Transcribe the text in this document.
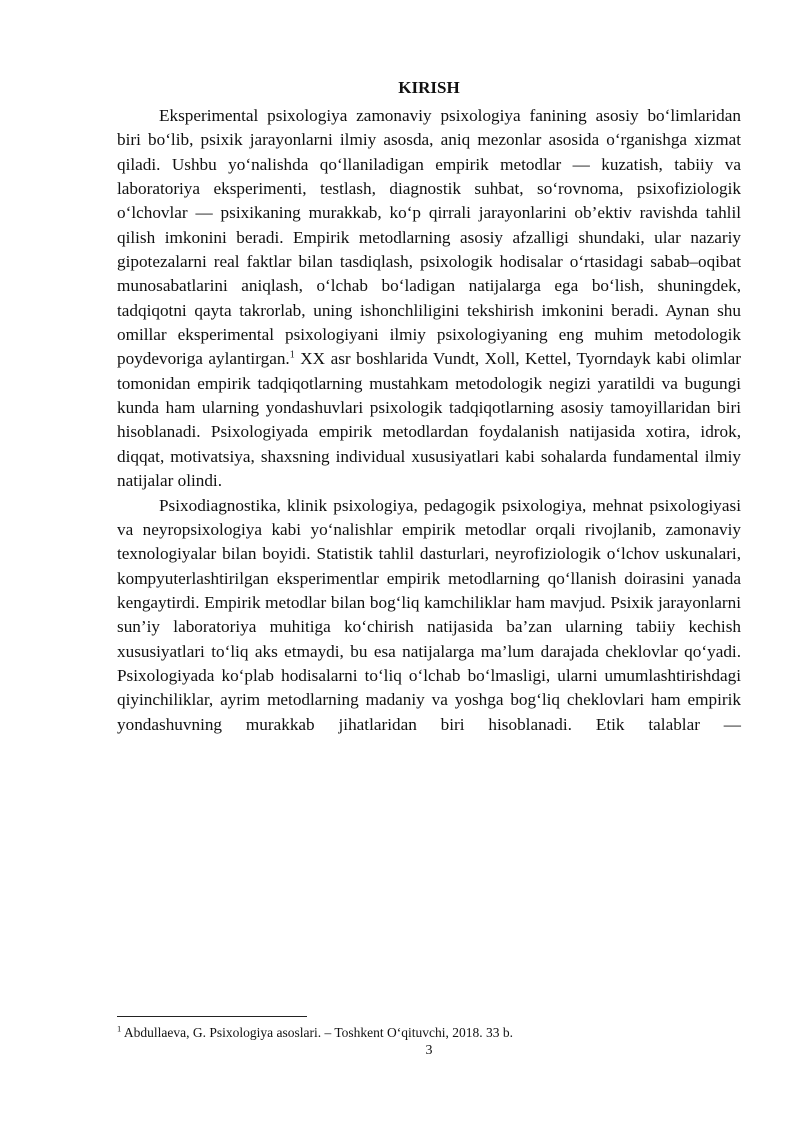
KIRISH

Eksperimental psixologiya zamonaviy psixologiya fanining asosiy bo‘limlaridan biri bo‘lib, psixik jarayonlarni ilmiy asosda, aniq mezonlar asosida o‘rganishga xizmat qiladi. Ushbu yo‘nalishda qo‘llaniladigan empirik metodlar — kuzatish, tabiiy va laboratoriya eksperimenti, testlash, diagnostik suhbat, so‘rovnoma, psixofiziologik o‘lchovlar — psixikaning murakkab, ko‘p qirrali jarayonlarini ob’ektiv ravishda tahlil qilish imkonini beradi. Empirik metodlarning asosiy afzalligi shundaki, ular nazariy gipotezalarni real faktlar bilan tasdiqlash, psixologik hodisalar o‘rtasidagi sabab–oqibat munosabatlarini aniqlash, o‘lchab bo‘ladigan natijalarga ega bo‘lish, shuningdek, tadqiqotni qayta takrorlab, uning ishonchliligini tekshirish imkonini beradi. Aynan shu omillar eksperimental psixologiyani ilmiy psixologiyaning eng muhim metodologik poydevoriga aylantirgan.$^1$ XX asr boshlarida Vundt, Xoll, Kettel, Tyorndayk kabi olimlar tomonidan empirik tadqiqotlarning mustahkam metodologik negizi yaratildi va bugungi kunda ham ularning yondashuvlari psixologik tadqiqotlarning asosiy tamoyillaridan biri hisoblanadi. Psixologiyada empirik metodlardan foydalanish natijasida xotira, idrok, diqqat, motivatsiya, shaxsning individual xususiyatlari kabi sohalarda fundamental ilmiy natijalar olindi.

Psixodiagnostika, klinik psixologiya, pedagogik psixologiya, mehnat psixologiyasi va neyropsixologiya kabi yo‘nalishlar empirik metodlar orqali rivojlanib, zamonaviy texnologiyalar bilan boyidi. Statistik tahlil dasturlari, neyrofiziologik o‘lchov uskunalari, kompyuterlashtirilgan eksperimentlar empirik metodlarning qo‘llanish doirasini yanada kengaytirdi. Empirik metodlar bilan bog‘liq kamchiliklar ham mavjud. Psixik jarayonlarni sun’iy laboratoriya muhitiga ko‘chirish natijasida ba’zan ularning tabiiy kechish xususiyatlari to‘liq aks etmaydi, bu esa natijalarga ma’lum darajada cheklovlar qo‘yadi. Psixologiyada ko‘plab hodisalarni to‘liq o‘lchab bo‘lmasligi, ularni umumlashtirishdagi qiyinchiliklar, ayrim metodlarning madaniy va yoshga bog‘liq cheklovlari ham empirik yondashuvning murakkab jihatlaridan biri hisoblanadi. Etik talablar —

$^1$ Abdullaeva, G. Psixologiya asoslari. – Toshkent O‘qituvchi, 2018. 33 b.
3
